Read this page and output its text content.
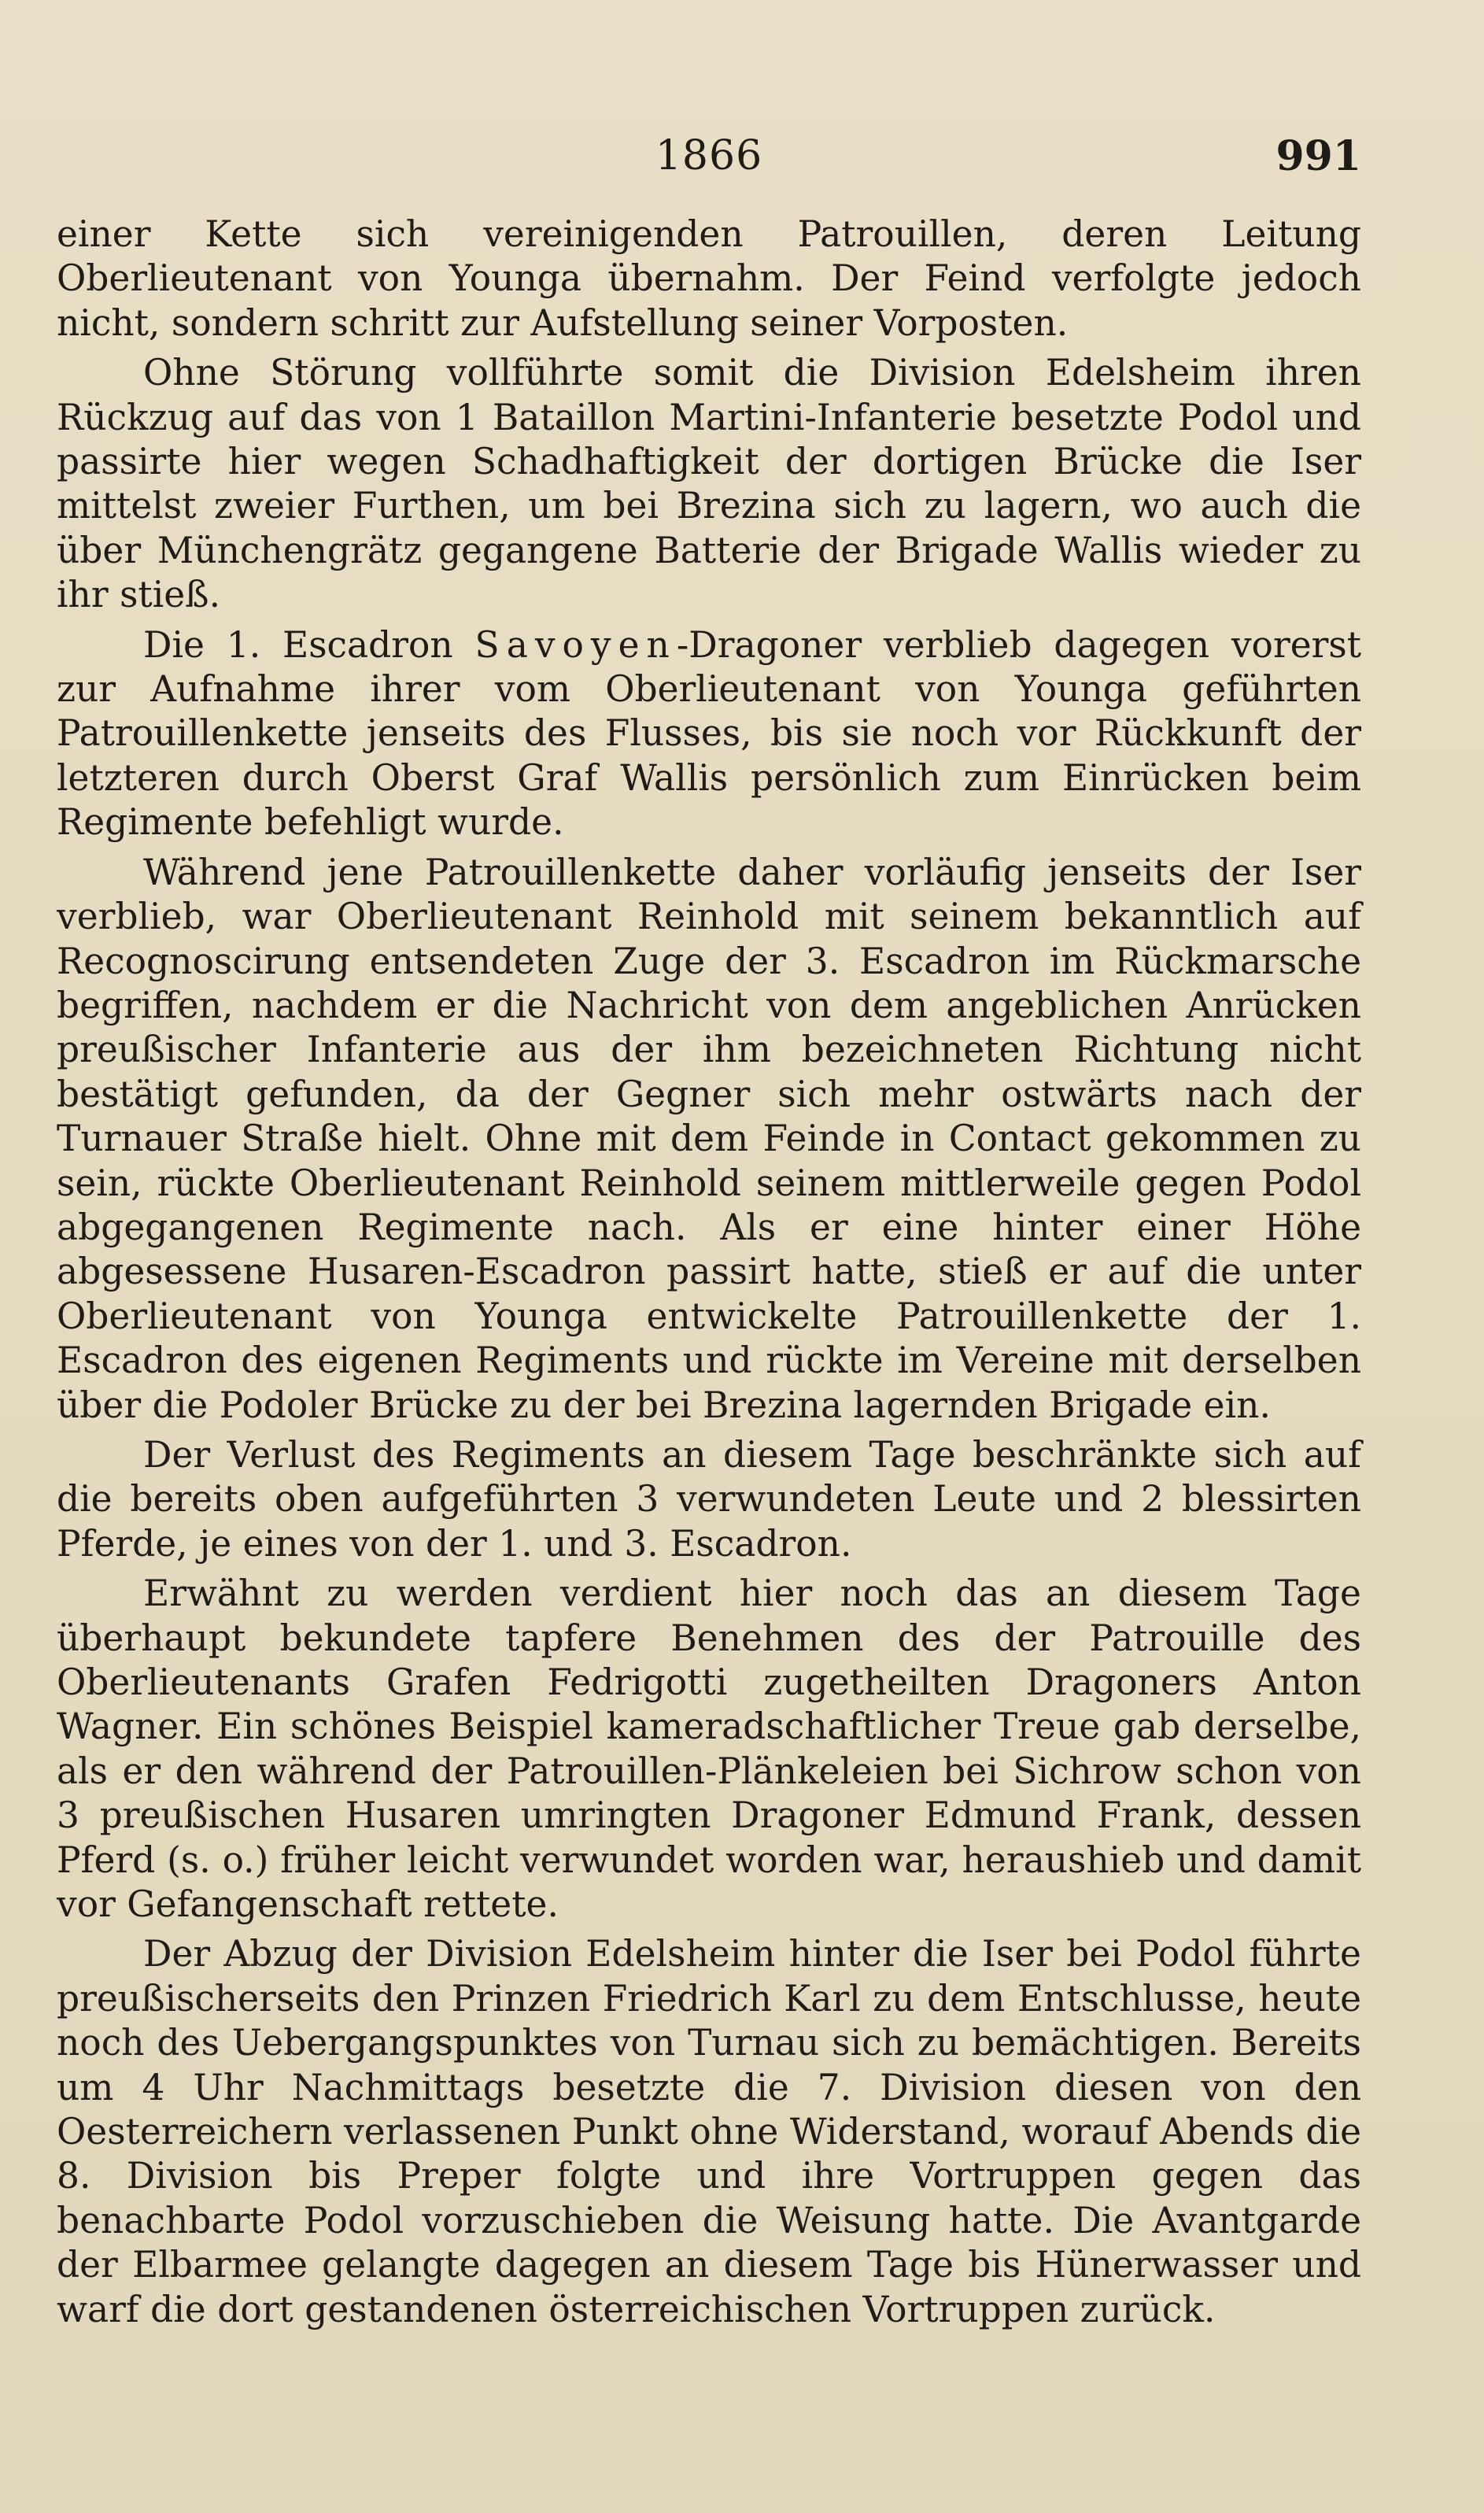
1866	991

einer Kette sich vereinigenden Patrouillen, deren Leitung Oberlieutenant von Younga übernahm. Der Feind verfolgte jedoch nicht, sondern schritt zur Aufstellung seiner Vorposten.

Ohne Störung vollführte somit die Division Edelsheim ihren Rückzug auf das von 1 Bataillon Martini-Infanterie besetzte Podol und passirte hier wegen Schadhaftigkeit der dortigen Brücke die Iser mittelst zweier Furthen, um bei Brezina sich zu lagern, wo auch die über Münchengrätz gegangene Batterie der Brigade Wallis wieder zu ihr stieß.

Die 1. Escadron Savoyen-Dragoner verblieb dagegen vorerst zur Aufnahme ihrer vom Oberlieutenant von Younga geführten Patrouillenkette jenseits des Flusses, bis sie noch vor Rückkunft der letzteren durch Oberst Graf Wallis persönlich zum Einrücken beim Regimente befehligt wurde.

Während jene Patrouillenkette daher vorläufig jenseits der Iser verblieb, war Oberlieutenant Reinhold mit seinem bekanntlich auf Recognoscirung entsendeten Zuge der 3. Escadron im Rückmarsche begriffen, nachdem er die Nachricht von dem angeblichen Anrücken preußischer Infanterie aus der ihm bezeichneten Richtung nicht bestätigt gefunden, da der Gegner sich mehr ostwärts nach der Turnauer Straße hielt. Ohne mit dem Feinde in Contact gekommen zu sein, rückte Oberlieutenant Reinhold seinem mittlerweile gegen Podol abgegangenen Regimente nach. Als er eine hinter einer Höhe abgesessene Husaren-Escadron passirt hatte, stieß er auf die unter Oberlieutenant von Younga entwickelte Patrouillenkette der 1. Escadron des eigenen Regiments und rückte im Vereine mit derselben über die Podoler Brücke zu der bei Brezina lagernden Brigade ein.

Der Verlust des Regiments an diesem Tage beschränkte sich auf die bereits oben aufgeführten 3 verwundeten Leute und 2 blessirten Pferde, je eines von der 1. und 3. Escadron.

Erwähnt zu werden verdient hier noch das an diesem Tage überhaupt bekundete tapfere Benehmen des der Patrouille des Oberlieutenants Grafen Fedrigotti zugetheilten Dragoners Anton Wagner. Ein schönes Beispiel kameradschaftlicher Treue gab derselbe, als er den während der Patrouillen-Plänkeleien bei Sichrow schon von 3 preußischen Husaren umringten Dragoner Edmund Frank, dessen Pferd (s. o.) früher leicht verwundet worden war, heraushieb und damit vor Gefangenschaft rettete.

Der Abzug der Division Edelsheim hinter die Iser bei Podol führte preußischerseits den Prinzen Friedrich Karl zu dem Entschlusse, heute noch des Uebergangspunktes von Turnau sich zu bemächtigen. Bereits um 4 Uhr Nachmittags besetzte die 7. Division diesen von den Oesterreichern verlassenen Punkt ohne Widerstand, worauf Abends die 8. Division bis Preper folgte und ihre Vortruppen gegen das benachbarte Podol vorzuschieben die Weisung hatte. Die Avantgarde der Elbarmee gelangte dagegen an diesem Tage bis Hünerwasser und warf die dort gestandenen österreichischen Vortruppen zurück.
